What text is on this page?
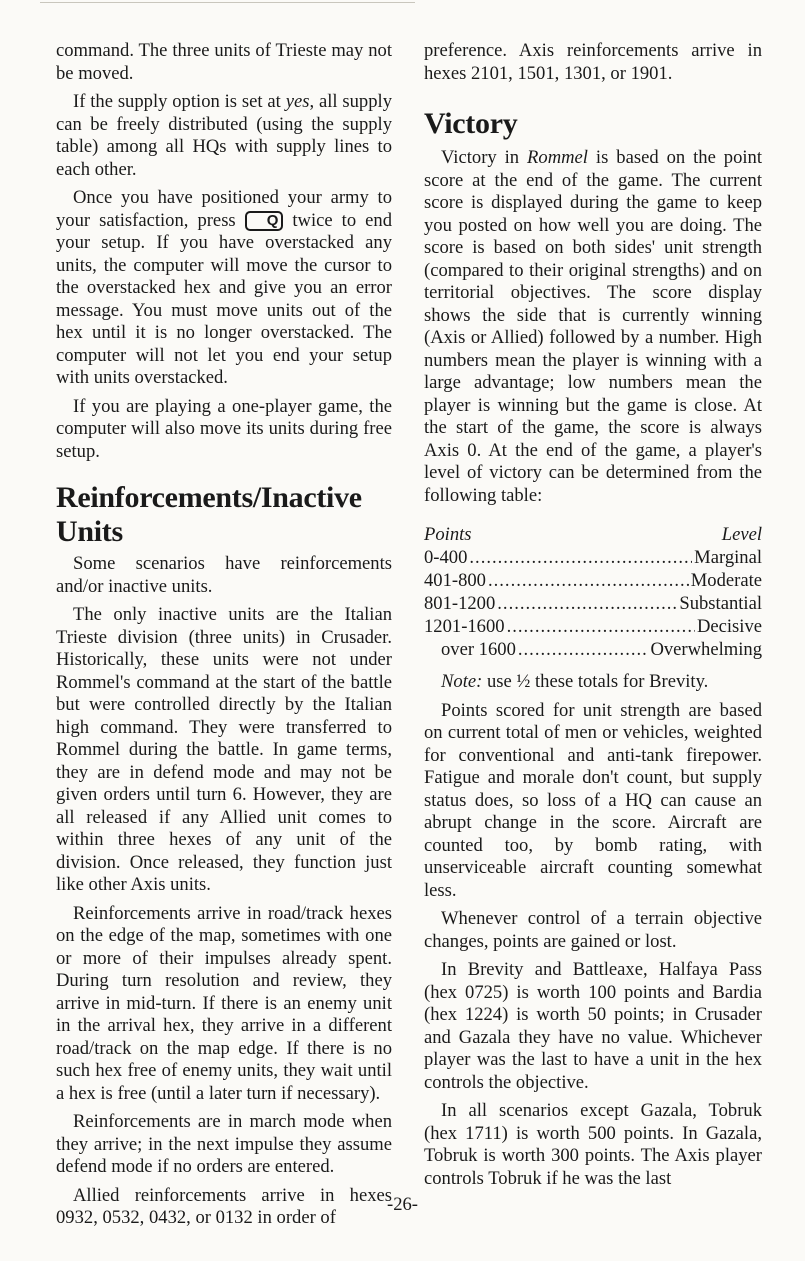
command. The three units of Trieste may not be moved.

If the supply option is set at yes, all supply can be freely distributed (using the supply table) among all HQs with supply lines to each other.

Once you have positioned your army to your satisfaction, press Q twice to end your setup. If you have overstacked any units, the computer will move the cursor to the overstacked hex and give you an error message. You must move units out of the hex until it is no longer overstacked. The computer will not let you end your setup with units overstacked.

If you are playing a one-player game, the computer will also move its units during free setup.

Reinforcements/Inactive Units

Some scenarios have reinforcements and/or inactive units.

The only inactive units are the Italian Trieste division (three units) in Crusader. Historically, these units were not under Rommel's command at the start of the battle but were controlled directly by the Italian high command. They were transferred to Rommel during the battle. In game terms, they are in defend mode and may not be given orders until turn 6. However, they are all released if any Allied unit comes to within three hexes of any unit of the division. Once released, they function just like other Axis units.

Reinforcements arrive in road/track hexes on the edge of the map, sometimes with one or more of their impulses already spent. During turn resolution and review, they arrive in mid-turn. If there is an enemy unit in the arrival hex, they arrive in a different road/track on the map edge. If there is no such hex free of enemy units, they wait until a hex is free (until a later turn if necessary).

Reinforcements are in march mode when they arrive; in the next impulse they assume defend mode if no orders are entered.

Allied reinforcements arrive in hexes 0932, 0532, 0432, or 0132 in order of

preference. Axis reinforcements arrive in hexes 2101, 1501, 1301, or 1901.

Victory

Victory in Rommel is based on the point score at the end of the game. The current score is displayed during the game to keep you posted on how well you are doing. The score is based on both sides' unit strength (compared to their original strengths) and on territorial objectives. The score display shows the side that is currently winning (Axis or Allied) followed by a number. High numbers mean the player is winning with a large advantage; low numbers mean the player is winning but the game is close. At the start of the game, the score is always Axis 0. At the end of the game, a player's level of victory can be determined from the following table:

Points	Level
0-400 .....	Marginal
401-800 .....	Moderate
801-1200 .....	Substantial
1201-1600 .....	Decisive
over 1600 .....	Overwhelming

Note: use ½ these totals for Brevity.

Points scored for unit strength are based on current total of men or vehicles, weighted for conventional and anti-tank firepower. Fatigue and morale don't count, but supply status does, so loss of a HQ can cause an abrupt change in the score. Aircraft are counted too, by bomb rating, with unserviceable aircraft counting somewhat less.

Whenever control of a terrain objective changes, points are gained or lost.

In Brevity and Battleaxe, Halfaya Pass (hex 0725) is worth 100 points and Bardia (hex 1224) is worth 50 points; in Crusader and Gazala they have no value. Whichever player was the last to have a unit in the hex controls the objective.

In all scenarios except Gazala, Tobruk (hex 1711) is worth 500 points. In Gazala, Tobruk is worth 300 points. The Axis player controls Tobruk if he was the last

-26-
